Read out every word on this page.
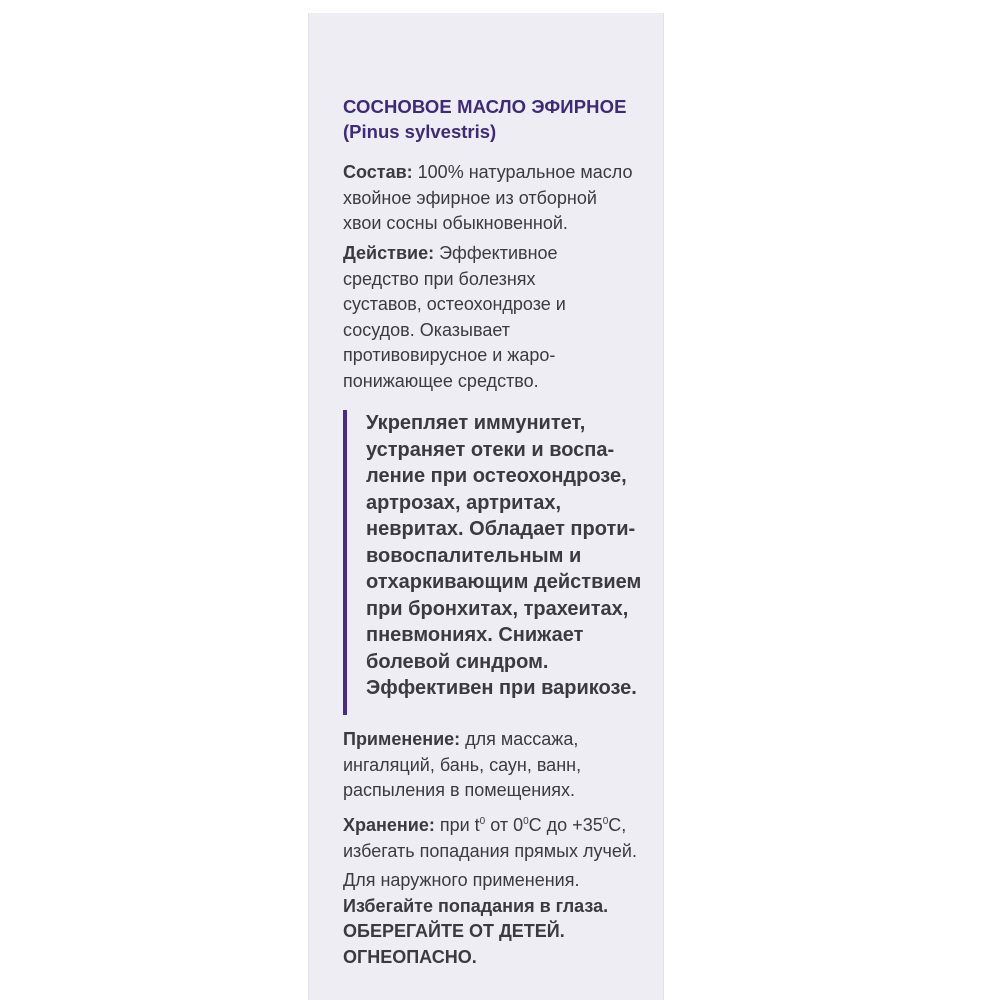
СОСНОВОЕ МАСЛО ЭФИРНОЕ
(Pinus sylvestris)
Состав: 100% натуральное масло
хвойное эфирное из отборной
хвои сосны обыкновенной.
Действие: Эффективное
средство при болезнях
суставов, остеохондрозе и
сосудов. Оказывает
противовирусное и жаро-
понижающее средство.
Укрепляет иммунитет,
устраняет отеки и воспа-
ление при остеохондрозе,
артрозах, артритах,
невритах. Обладает проти-
вовоспалительным и
отхаркивающим действием
при бронхитах, трахеитах,
пневмониях. Снижает
болевой синдром.
Эффективен при варикозе.
Применение: для массажа,
ингаляций, бань, саун, ванн,
распыления в помещениях.
Хранение: при $t^0$ от $0^0С$ до $+35^0С$,
избегать попадания прямых лучей.
Для наружного применения.
Избегайте попадания в глаза.
ОБЕРЕГАЙТЕ ОТ ДЕТЕЙ.
ОГНЕОПАСНО.
